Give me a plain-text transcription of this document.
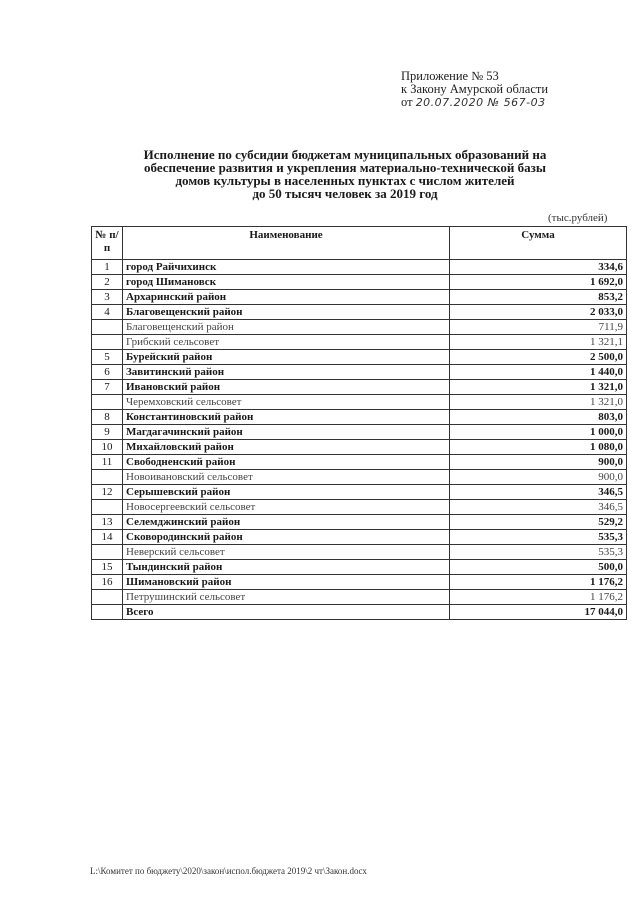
Приложение № 53
к Закону Амурской области
от 20.07.2020 № 567-03
Исполнение по субсидии бюджетам муниципальных образований на
обеспечение развития и укрепления материально-технической базы
домов культуры в населенных пунктах с числом жителей
до 50 тысяч человек за 2019 год
(тыс.рублей)
№ п/п	Наименование	Сумма
1	город Райчихинск	334,6
2	город Шимановск	1 692,0
3	Архаринский район	853,2
4	Благовещенский район	2 033,0
	Благовещенский район	711,9
	Грибский сельсовет	1 321,1
5	Бурейский район	2 500,0
6	Завитинский район	1 440,0
7	Ивановский район	1 321,0
	Черемховский сельсовет	1 321,0
8	Константиновский район	803,0
9	Магдагачинский район	1 000,0
10	Михайловский район	1 080,0
11	Свободненский район	900,0
	Новоивановский сельсовет	900,0
12	Серышевский район	346,5
	Новосергеевский сельсовет	346,5
13	Селемджинский район	529,2
14	Сковородинский район	535,3
	Неверский сельсовет	535,3
15	Тындинский район	500,0
16	Шимановский район	1 176,2
	Петрушинский сельсовет	1 176,2
	Всего	17 044,0
L:\Комитет по бюджету\2020\закон\испол.бюджета 2019\2 чт\Закон.docx
